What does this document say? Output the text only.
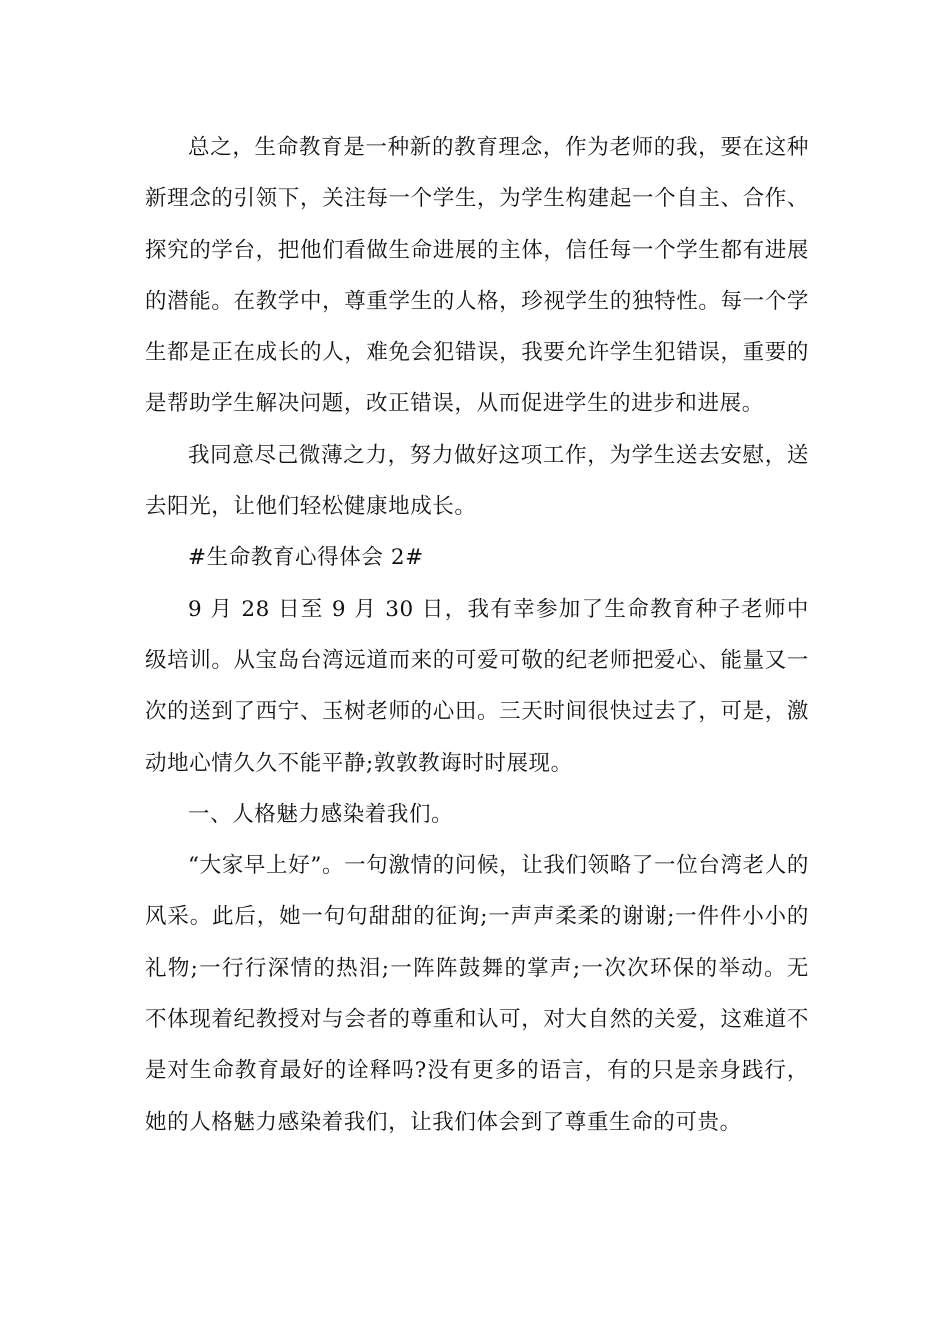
总之，生命教育是一种新的教育理念，作为老师的我，要在这种新理念的引领下，关注每一个学生，为学生构建起一个自主、合作、探究的学台，把他们看做生命进展的主体，信任每一个学生都有进展的潜能。在教学中，尊重学生的人格，珍视学生的独特性。每一个学生都是正在成长的人，难免会犯错误，我要允许学生犯错误，重要的是帮助学生解决问题，改正错误，从而促进学生的进步和进展。

我同意尽己微薄之力，努力做好这项工作，为学生送去安慰，送去阳光，让他们轻松健康地成长。

#生命教育心得体会 2#

9 月 28 日至 9 月 30 日，我有幸参加了生命教育种子老师中级培训。从宝岛台湾远道而来的可爱可敬的纪老师把爱心、能量又一次的送到了西宁、玉树老师的心田。三天时间很快过去了，可是，激动地心情久久不能平静;敦敦教诲时时展现。

一、人格魅力感染着我们。

“大家早上好”。一句激情的问候，让我们领略了一位台湾老人的风采。此后，她一句句甜甜的征询;一声声柔柔的谢谢;一件件小小的礼物;一行行深情的热泪;一阵阵鼓舞的掌声;一次次环保的举动。无不体现着纪教授对与会者的尊重和认可，对大自然的关爱，这难道不是对生命教育最好的诠释吗?没有更多的语言，有的只是亲身践行，她的人格魅力感染着我们，让我们体会到了尊重生命的可贵。
